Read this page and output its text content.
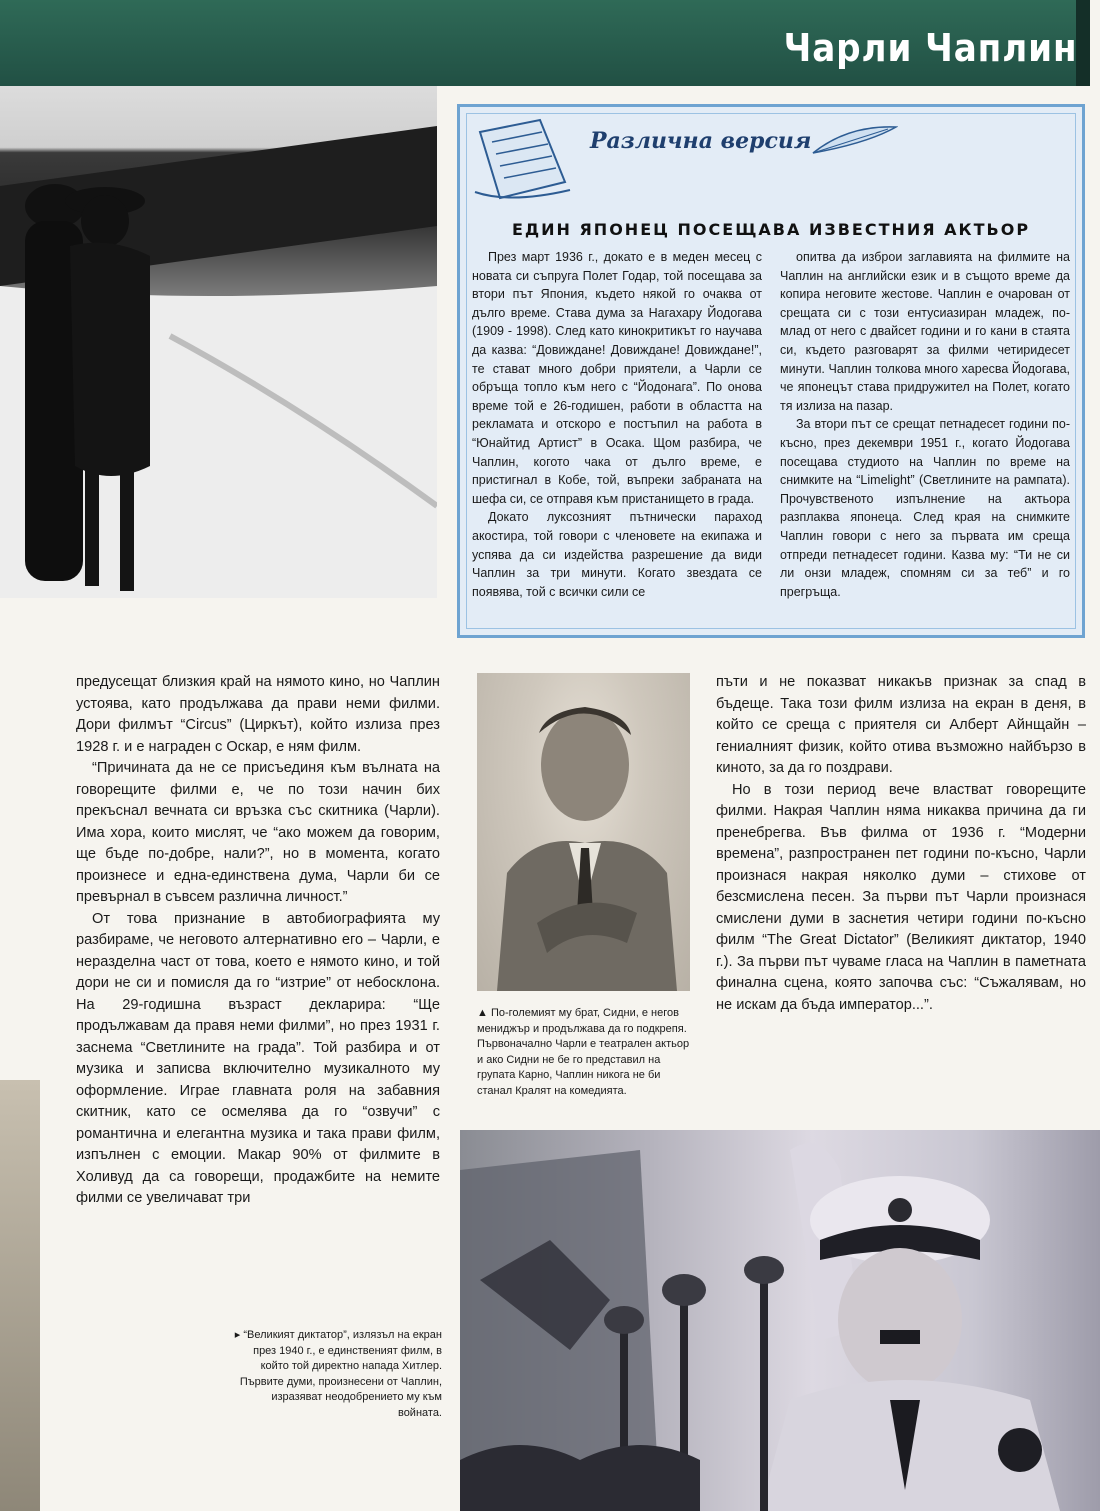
Чарли Чаплин
Различна версия
ЕДИН ЯПОНЕЦ ПОСЕЩАВА ИЗВЕСТНИЯ АКТЬОР

През март 1936 г., докато е в меден месец с новата си съпруга Полет Годар, той посещава за втори път Япония, където някой го очаква от дълго време. Става дума за Нагахару Йодогава (1909 - 1998). След като кинокритикът го научава да казва: “Довиждане! Довиждане! Довиждане!”, те стават много добри приятели, а Чарли се обръща топло към него с “Йодонага”. По онова време той е 26-годишен, работи в областта на рекламата и отскоро е постъпил на работа в “Юнайтид Артист” в Осака. Щом разбира, че Чаплин, когото чака от дълго време, е пристигнал в Кобе, той, въпреки забраната на шефа си, се отправя към пристанището в града.

Докато луксозният пътнически параход акостира, той говори с членовете на екипажа и успява да си издейства разрешение да види Чаплин за три минути. Когато звездата се появява, той с всички сили се

опитва да изброи заглавията на филмите на Чаплин на английски език и в същото време да копира неговите жестове. Чаплин е очарован от срещата си с този ентусиазиран младеж, по-млад от него с двайсет години и го кани в стаята си, където разговарят за филми четиридесет минути. Чаплин толкова много харесва Йодогава, че японецът става придружител на Полет, когато тя излиза на пазар.

За втори път се срещат петнадесет години по-късно, през декември 1951 г., когато Йодогава посещава студиото на Чаплин по време на снимките на “Limelight” (Светлините на рампата). Прочувственото изпълнение на актьора разплаква японеца. След края на снимките Чаплин говори с него за първата им среща отпреди петнадесет години. Казва му: “Ти не си ли онзи младеж, спомням си за теб” и го прегръща.

предусещат близкия край на нямото кино, но Чаплин устоява, като продължава да прави неми филми. Дори филмът “Circus” (Циркът), който излиза през 1928 г. и е награден с Оскар, е ням филм.

“Причината да не се присъединя към вълната на говорещите филми е, че по този начин бих прекъснал вечната си връзка със скитника (Чарли). Има хора, които мислят, че “ако можем да говорим, ще бъде по-добре, нали?”, но в момента, когато произнесе и една-единствена дума, Чарли би се превърнал в съвсем различна личност.”

От това признание в автобиографията му разбираме, че неговото алтернативно его – Чарли, е неразделна част от това, което е нямото кино, и той дори не си и помисля да го “изтрие” от небосклона. На 29-годишна възраст декларира: “Ще продължавам да правя неми филми”, но през 1931 г. заснема “Светлините на града”. Той разбира и от музика и записва включително музикалното му оформление. Играе главната роля на забавния скитник, като се осмелява да го “озвучи” с романтична и елегантна музика и така прави филм, изпълнен с емоции. Макар 90% от филмите в Холивуд да са говорещи, продажбите на немите филми се увеличават три

▲ По-големият му брат, Сидни, е негов мениджър и продължава да го подкрепя. Първоначално Чарли е театрален актьор и ако Сидни не бе го представил на групата Карно, Чаплин никога не би станал Кралят на комедията.

пъти и не показват никакъв признак за спад в бъдеще. Така този филм излиза на екран в деня, в който се среща с приятеля си Алберт Айнщайн – гениалният физик, който отива възможно найбързо в киното, за да го поздрави.

Но в този период вече властват говорещите филми. Накрая Чаплин няма никаква причина да ги пренебрегва. Във филма от 1936 г. “Модерни времена”, разпространен пет години по-късно, Чарли произнася накрая няколко думи – стихове от безсмислена песен. За първи път Чарли произнася смислени думи в заснетия четири години по-късно филм “The Great Dictator” (Великият диктатор, 1940 г.). За първи път чуваме гласа на Чаплин в паметната финална сцена, която започва със: “Съжалявам, но не искам да бъда император...”.

▸ “Великият диктатор”, излязъл на екран през 1940 г., е единственият филм, в който той директно напада Хитлер. Първите думи, произнесени от Чаплин, изразяват неодобрението му към войната.
